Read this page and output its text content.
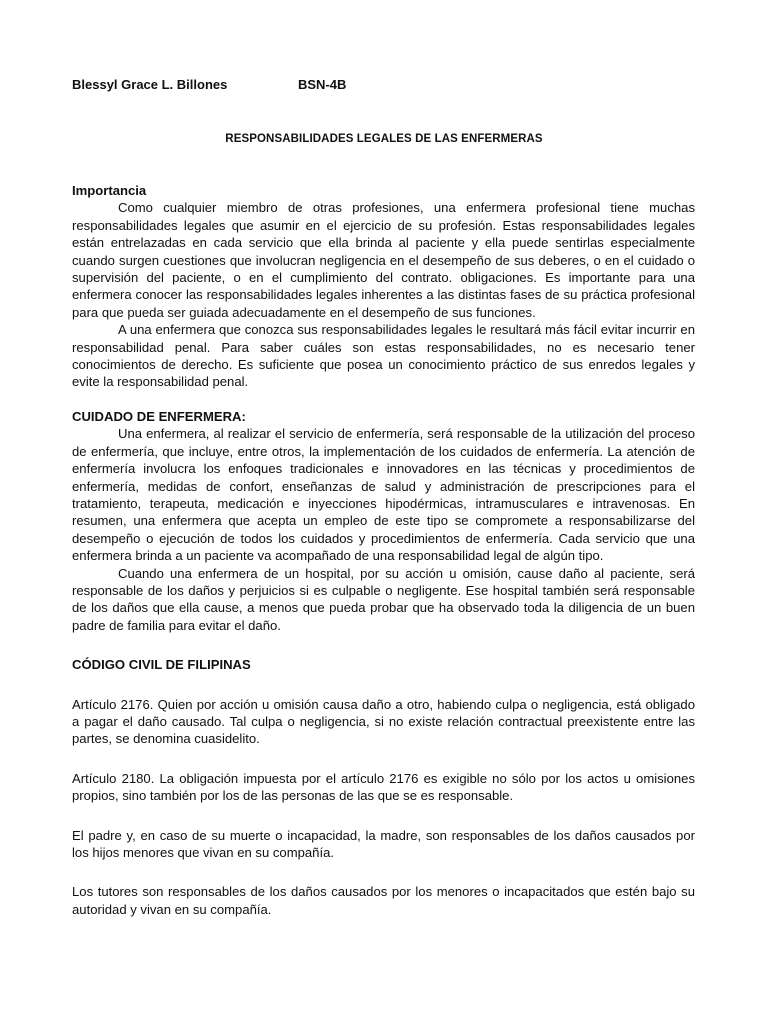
Blessyl Grace L. Billones	BSN-4B
RESPONSABILIDADES LEGALES DE LAS ENFERMERAS

Importancia

Como cualquier miembro de otras profesiones, una enfermera profesional tiene muchas responsabilidades legales que asumir en el ejercicio de su profesión. Estas responsabilidades legales están entrelazadas en cada servicio que ella brinda al paciente y ella puede sentirlas especialmente cuando surgen cuestiones que involucran negligencia en el desempeño de sus deberes, o en el cuidado o supervisión del paciente, o en el cumplimiento del contrato. obligaciones. Es importante para una enfermera conocer las responsabilidades legales inherentes a las distintas fases de su práctica profesional para que pueda ser guiada adecuadamente en el desempeño de sus funciones.

A una enfermera que conozca sus responsabilidades legales le resultará más fácil evitar incurrir en responsabilidad penal. Para saber cuáles son estas responsabilidades, no es necesario tener conocimientos de derecho. Es suficiente que posea un conocimiento práctico de sus enredos legales y evite la responsabilidad penal.

CUIDADO DE ENFERMERA:

Una enfermera, al realizar el servicio de enfermería, será responsable de la utilización del proceso de enfermería, que incluye, entre otros, la implementación de los cuidados de enfermería. La atención de enfermería involucra los enfoques tradicionales e innovadores en las técnicas y procedimientos de enfermería, medidas de confort, enseñanzas de salud y administración de prescripciones para el tratamiento, terapeuta, medicación e inyecciones hipodérmicas, intramusculares e intravenosas. En resumen, una enfermera que acepta un empleo de este tipo se compromete a responsabilizarse del desempeño o ejecución de todos los cuidados y procedimientos de enfermería. Cada servicio que una enfermera brinda a un paciente va acompañado de una responsabilidad legal de algún tipo.

Cuando una enfermera de un hospital, por su acción u omisión, cause daño al paciente, será responsable de los daños y perjuicios si es culpable o negligente. Ese hospital también será responsable de los daños que ella cause, a menos que pueda probar que ha observado toda la diligencia de un buen padre de familia para evitar el daño.

CÓDIGO CIVIL DE FILIPINAS

Artículo 2176. Quien por acción u omisión causa daño a otro, habiendo culpa o negligencia, está obligado a pagar el daño causado. Tal culpa o negligencia, si no existe relación contractual preexistente entre las partes, se denomina cuasidelito.

Artículo 2180. La obligación impuesta por el artículo 2176 es exigible no sólo por los actos u omisiones propios, sino también por los de las personas de las que se es responsable.

El padre y, en caso de su muerte o incapacidad, la madre, son responsables de los daños causados por los hijos menores que vivan en su compañía.

Los tutores son responsables de los daños causados por los menores o incapacitados que estén bajo su autoridad y vivan en su compañía.
